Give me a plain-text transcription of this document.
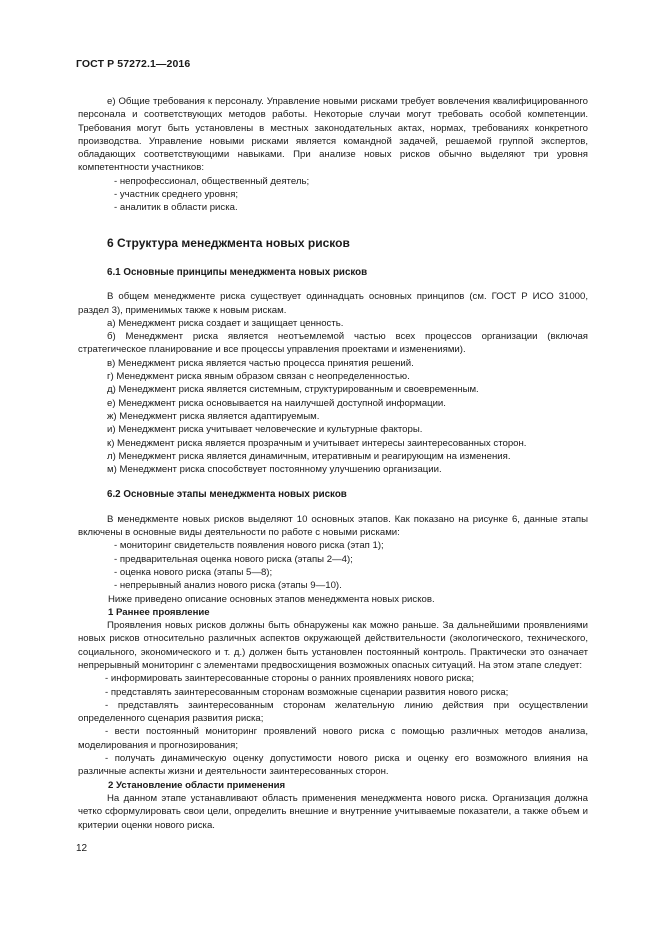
ГОСТ Р 57272.1—2016

е) Общие требования к персоналу. Управление новыми рисками требует вовлечения квалифицированного персонала и соответствующих методов работы. Некоторые случаи могут требовать особой компетенции. Требования могут быть установлены в местных законодательных актах, нормах, требованиях конкретного производства. Управление новыми рисками является командной задачей, решаемой группой экспертов, обладающих соответствующими навыками. При анализе новых рисков обычно выделяют три уровня компетентности участников:

- непрофессионал, общественный деятель;

- участник среднего уровня;

- аналитик в области риска.

6 Структура менеджмента новых рисков
6.1 Основные принципы менеджмента новых рисков

В общем менеджменте риска существует одиннадцать основных принципов (см. ГОСТ Р ИСО 31000, раздел 3), применимых также к новым рискам.

а) Менеджмент риска создает и защищает ценность.

б) Менеджмент риска является неотъемлемой частью всех процессов организации (включая стратегическое планирование и все процессы управления проектами и изменениями).

в) Менеджмент риска является частью процесса принятия решений.

г) Менеджмент риска явным образом связан с неопределенностью.

д) Менеджмент риска является системным, структурированным и своевременным.

е) Менеджмент риска основывается на наилучшей доступной информации.

ж) Менеджмент риска является адаптируемым.

и) Менеджмент риска учитывает человеческие и культурные факторы.

к) Менеджмент риска является прозрачным и учитывает интересы заинтересованных сторон.

л) Менеджмент риска является динамичным, итеративным и реагирующим на изменения.

м) Менеджмент риска способствует постоянному улучшению организации.

6.2 Основные этапы менеджмента новых рисков

В менеджменте новых рисков выделяют 10 основных этапов. Как показано на рисунке 6, данные этапы включены в основные виды деятельности по работе с новыми рисками:

- мониторинг свидетельств появления нового риска (этап 1);

- предварительная оценка нового риска (этапы 2—4);

- оценка нового риска (этапы 5—8);

- непрерывный анализ нового риска (этапы 9—10).

Ниже приведено описание основных этапов менеджмента новых рисков.

1 Раннее проявление

Проявления новых рисков должны быть обнаружены как можно раньше. За дальнейшими проявлениями новых рисков относительно различных аспектов окружающей действительности (экологического, технического, социального, экономического и т. д.) должен быть установлен постоянный контроль. Практически это означает непрерывный мониторинг с элементами предвосхищения возможных опасных ситуаций. На этом этапе следует:

- информировать заинтересованные стороны о ранних проявлениях нового риска;

- представлять заинтересованным сторонам возможные сценарии развития нового риска;

- представлять заинтересованным сторонам желательную линию действия при осуществлении определенного сценария развития риска;

- вести постоянный мониторинг проявлений нового риска с помощью различных методов анализа, моделирования и прогнозирования;

- получать динамическую оценку допустимости нового риска и оценку его возможного влияния на различные аспекты жизни и деятельности заинтересованных сторон.

2 Установление области применения

На данном этапе устанавливают область применения менеджмента нового риска. Организация должна четко сформулировать свои цели, определить внешние и внутренние учитываемые показатели, а также объем и критерии оценки нового риска.

12
